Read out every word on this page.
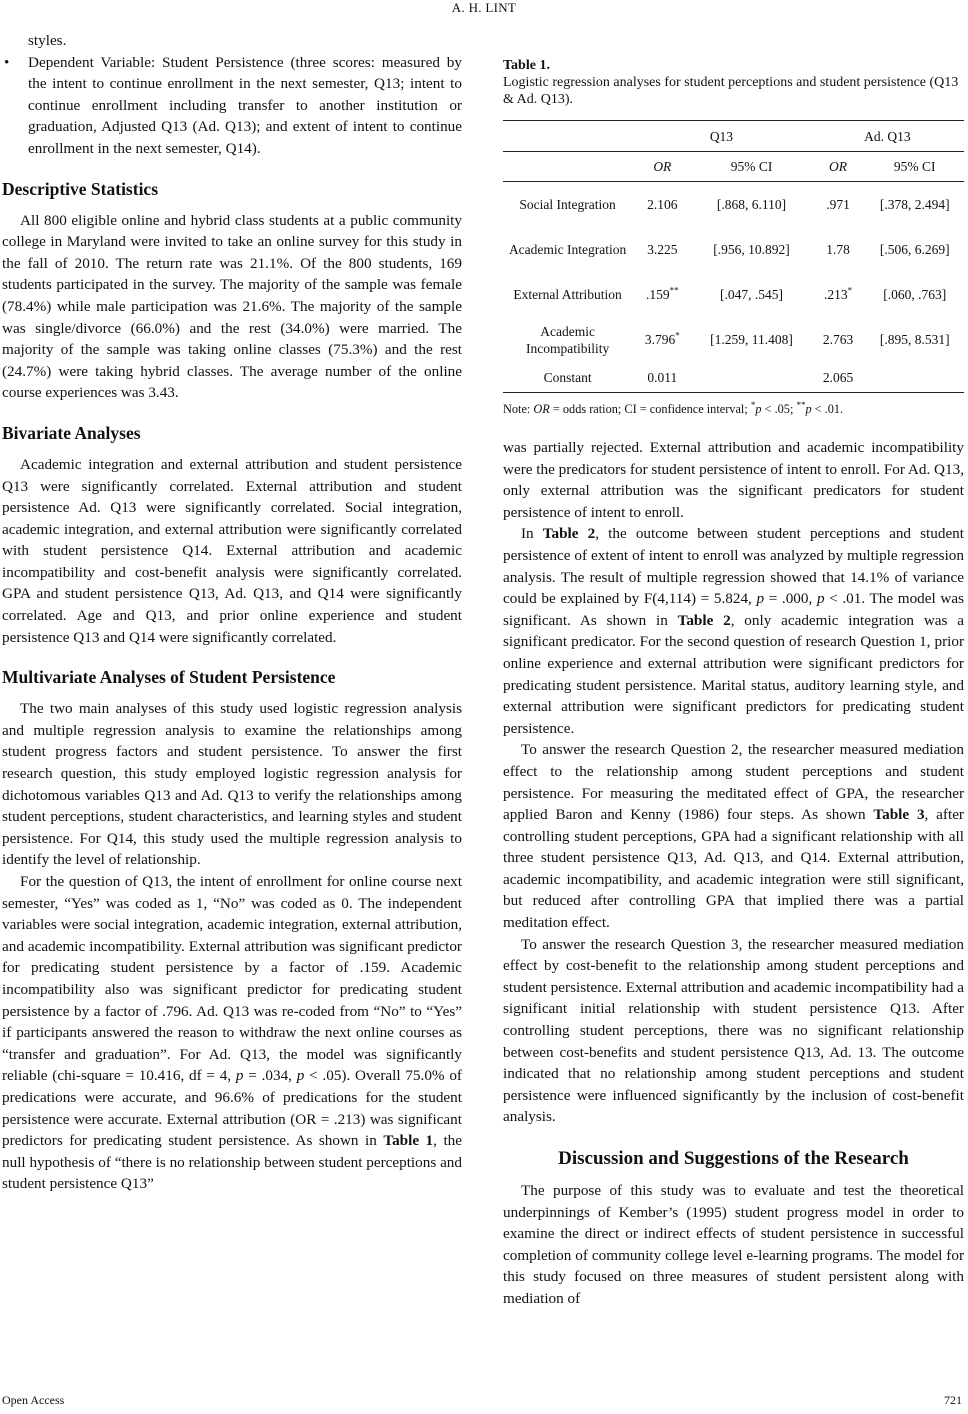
A. H. LINT

styles.

• Dependent Variable: Student Persistence (three scores: measured by the intent to continue enrollment in the next semester, Q13; intent to continue enrollment including transfer to another institution or graduation, Adjusted Q13 (Ad. Q13); and extent of intent to continue enrollment in the next semester, Q14).
Descriptive Statistics

All 800 eligible online and hybrid class students at a public community college in Maryland were invited to take an online survey for this study in the fall of 2010. The return rate was 21.1%. Of the 800 students, 169 students participated in the survey. The majority of the sample was female (78.4%) while male participation was 21.6%. The majority of the sample was single/divorce (66.0%) and the rest (34.0%) were married. The majority of the sample was taking online classes (75.3%) and the rest (24.7%) were taking hybrid classes. The average number of the online course experiences was 3.43.

Bivariate Analyses

Academic integration and external attribution and student persistence Q13 were significantly correlated. External attribution and student persistence Ad. Q13 were significantly correlated. Social integration, academic integration, and external attribution were significantly correlated with student persistence Q14. External attribution and academic incompatibility and cost-benefit analysis were significantly correlated. GPA and student persistence Q13, Ad. Q13, and Q14 were significantly correlated. Age and Q13, and prior online experience and student persistence Q13 and Q14 were significantly correlated.

Multivariate Analyses of Student Persistence

The two main analyses of this study used logistic regression analysis and multiple regression analysis to examine the relationships among student progress factors and student persistence. To answer the first research question, this study employed logistic regression analysis for dichotomous variables Q13 and Ad. Q13 to verify the relationships among student perceptions, student characteristics, and learning styles and student persistence. For Q14, this study used the multiple regression analysis to identify the level of relationship.

For the question of Q13, the intent of enrollment for online course next semester, “Yes” was coded as 1, “No” was coded as 0. The independent variables were social integration, academic integration, external attribution, and academic incompatibility. External attribution was significant predictor for predicating student persistence by a factor of .159. Academic incompatibility also was significant predictor for predicating student persistence by a factor of .796. Ad. Q13 was re-coded from “No” to “Yes” if participants answered the reason to withdraw the next online courses as “transfer and graduation”. For Ad. Q13, the model was significantly reliable (chi-square = 10.416, df = 4, p = .034, p < .05). Overall 75.0% of predications were accurate, and 96.6% of predications for the student persistence were accurate. External attribution (OR = .213) was significant predictors for predicating student persistence. As shown in Table 1, the null hypothesis of “there is no relationship between student perceptions and student persistence Q13”

Table 1.
Logistic regression analyses for student perceptions and student persistence (Q13 & Ad. Q13).
	Q13		Ad. Q13	
	OR	95% CI	OR	95% CI
Social Integration	2.106	[.868, 6.110]	.971	[.378, 2.494]
Academic Integration	3.225	[.956, 10.892]	1.78	[.506, 6.269]
External Attribution	.159**	[.047, .545]	.213*	[.060, .763]
Academic Incompatibility	3.796*	[1.259, 11.408]	2.763	[.895, 8.531]
Constant	0.011		2.065	
Note: OR = odds ration; CI = confidence interval; *p < .05; **p < .01.

was partially rejected. External attribution and academic incompatibility were the predicators for student persistence of intent to enroll. For Ad. Q13, only external attribution was the significant predicators for student persistence of intent to enroll.

In Table 2, the outcome between student perceptions and student persistence of extent of intent to enroll was analyzed by multiple regression analysis. The result of multiple regression showed that 14.1% of variance could be explained by F(4,114) = 5.824, p = .000, p < .01. The model was significant. As shown in Table 2, only academic integration was a significant predicator. For the second question of research Question 1, prior online experience and external attribution were significant predictors for predicating student persistence. Marital status, auditory learning style, and external attribution were significant predictors for predicating student persistence.

To answer the research Question 2, the researcher measured mediation effect to the relationship among student perceptions and student persistence. For measuring the meditated effect of GPA, the researcher applied Baron and Kenny (1986) four steps. As shown Table 3, after controlling student perceptions, GPA had a significant relationship with all three student persistence Q13, Ad. Q13, and Q14. External attribution, academic incompatibility, and academic integration were still significant, but reduced after controlling GPA that implied there was a partial meditation effect.

To answer the research Question 3, the researcher measured mediation effect by cost-benefit to the relationship among student perceptions and student persistence. External attribution and academic incompatibility had a significant initial relationship with student persistence Q13. After controlling student perceptions, there was no significant relationship between cost-benefits and student persistence Q13, Ad. 13. The outcome indicated that no relationship among student perceptions and student persistence were influenced significantly by the inclusion of cost-benefit analysis.

Discussion and Suggestions of the Research

The purpose of this study was to evaluate and test the theoretical underpinnings of Kember’s (1995) student progress model in order to examine the direct or indirect effects of student persistence in successful completion of community college level e-learning programs. The model for this study focused on three measures of student persistent along with mediation of

Open Access	721
